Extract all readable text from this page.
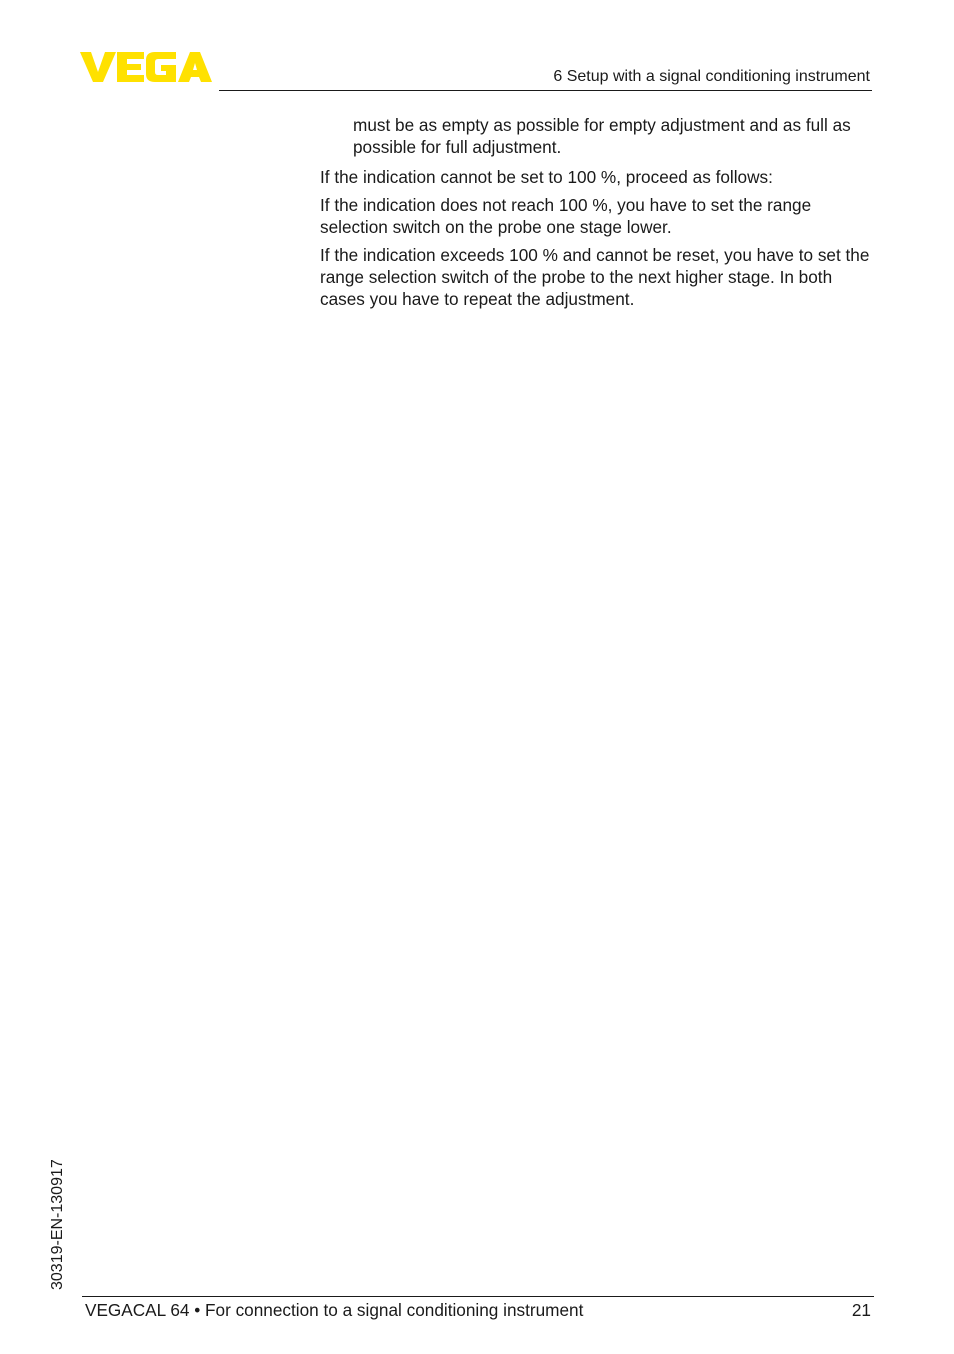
6 Setup with a signal conditioning instrument

must be as empty as possible for empty adjustment and as full as possible for full adjustment.

If the indication cannot be set to 100 %, proceed as follows:

If the indication does not reach 100 %, you have to set the range selection switch on the probe one stage lower.

If the indication exceeds 100 % and cannot be reset, you have to set the range selection switch of the probe to the next higher stage. In both cases you have to repeat the adjustment.

30319-EN-130917
VEGACAL 64 • For connection to a signal conditioning instrument	21
